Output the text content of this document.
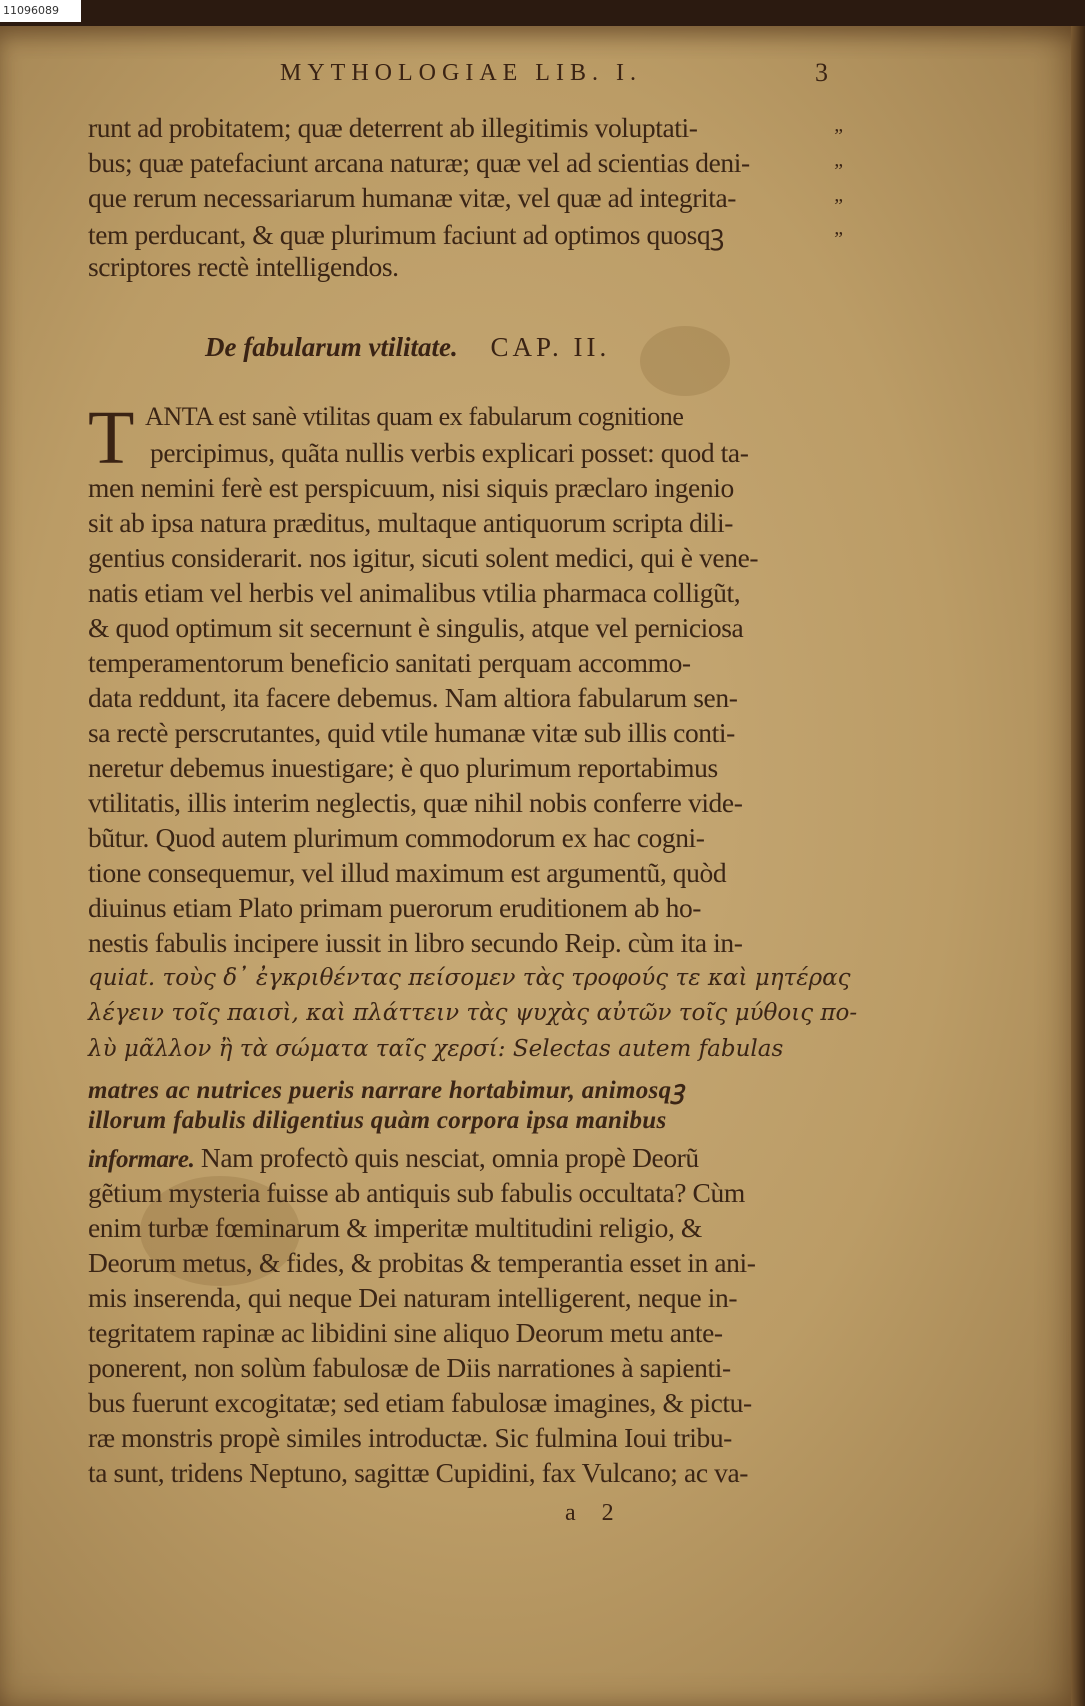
11096089
MYTHOLOGIAE LIB. I.	3
runt ad probitatem; quæ deterrent ab illegitimis voluptati-
bus; quæ patefaciunt arcana naturæ; quæ vel ad scientias deni-
que rerum necessariarum humanæ vitæ, vel quæ ad integrita-
tem perducant, & quæ plurimum faciunt ad optimos quosqꝫ
scriptores rectè intelligendos.
”
”
”
”
De fabularum vtilitate. CAP. II.
T ANTA est sanè vtilitas quam ex fabularum cognitione
percipimus, quãta nullis verbis explicari posset: quod ta-
men nemini ferè est perspicuum, nisi siquis præclaro ingenio
sit ab ipsa natura præditus, multaque antiquorum scripta dili-
gentius considerarit. nos igitur, sicuti solent medici, qui è vene-
natis etiam vel herbis vel animalibus vtilia pharmaca colligũt,
& quod optimum sit secernunt è singulis, atque vel perniciosa
temperamentorum beneficio sanitati perquam accommo-
data reddunt, ita facere debemus. Nam altiora fabularum sen-
sa rectè perscrutantes, quid vtile humanæ vitæ sub illis conti-
neretur debemus inuestigare; è quo plurimum reportabimus
vtilitatis, illis interim neglectis, quæ nihil nobis conferre vide-
bũtur. Quod autem plurimum commodorum ex hac cogni-
tione consequemur, vel illud maximum est argumentũ, quòd
diuinus etiam Plato primam puerorum eruditionem ab ho-
nestis fabulis incipere iussit in libro secundo Reip. cùm ita in-
quiat. τοὺς δ᾽ ἐγκριθέντας πείσομεν τὰς τροφούς τε καὶ μητέρας
λέγειν τοῖς παισὶ, καὶ πλάττειν τὰς ψυχὰς αὐτῶν τοῖς μύθοις πο-
λὺ μᾶλλον ἢ τὰ σώματα ταῖς χερσί: Selectas autem fabulas
matres ac nutrices pueris narrare hortabimur, animosqꝫ
illorum fabulis diligentius quàm corpora ipsa manibus
informare. Nam profectò quis nesciat, omnia propè Deorũ
gẽtium mysteria fuisse ab antiquis sub fabulis occultata? Cùm
enim turbæ fœminarum & imperitæ multitudini religio, &
Deorum metus, & fides, & probitas & temperantia esset in ani-
mis inserenda, qui neque Dei naturam intelligerent, neque in-
tegritatem rapinæ ac libidini sine aliquo Deorum metu ante-
ponerent, non solùm fabulosæ de Diis narrationes à sapienti-
bus fuerunt excogitatæ; sed etiam fabulosæ imagines, & pictu-
ræ monstris propè similes introductæ. Sic fulmina Ioui tribu-
ta sunt, tridens Neptuno, sagittæ Cupidini, fax Vulcano; ac va-
a 2
